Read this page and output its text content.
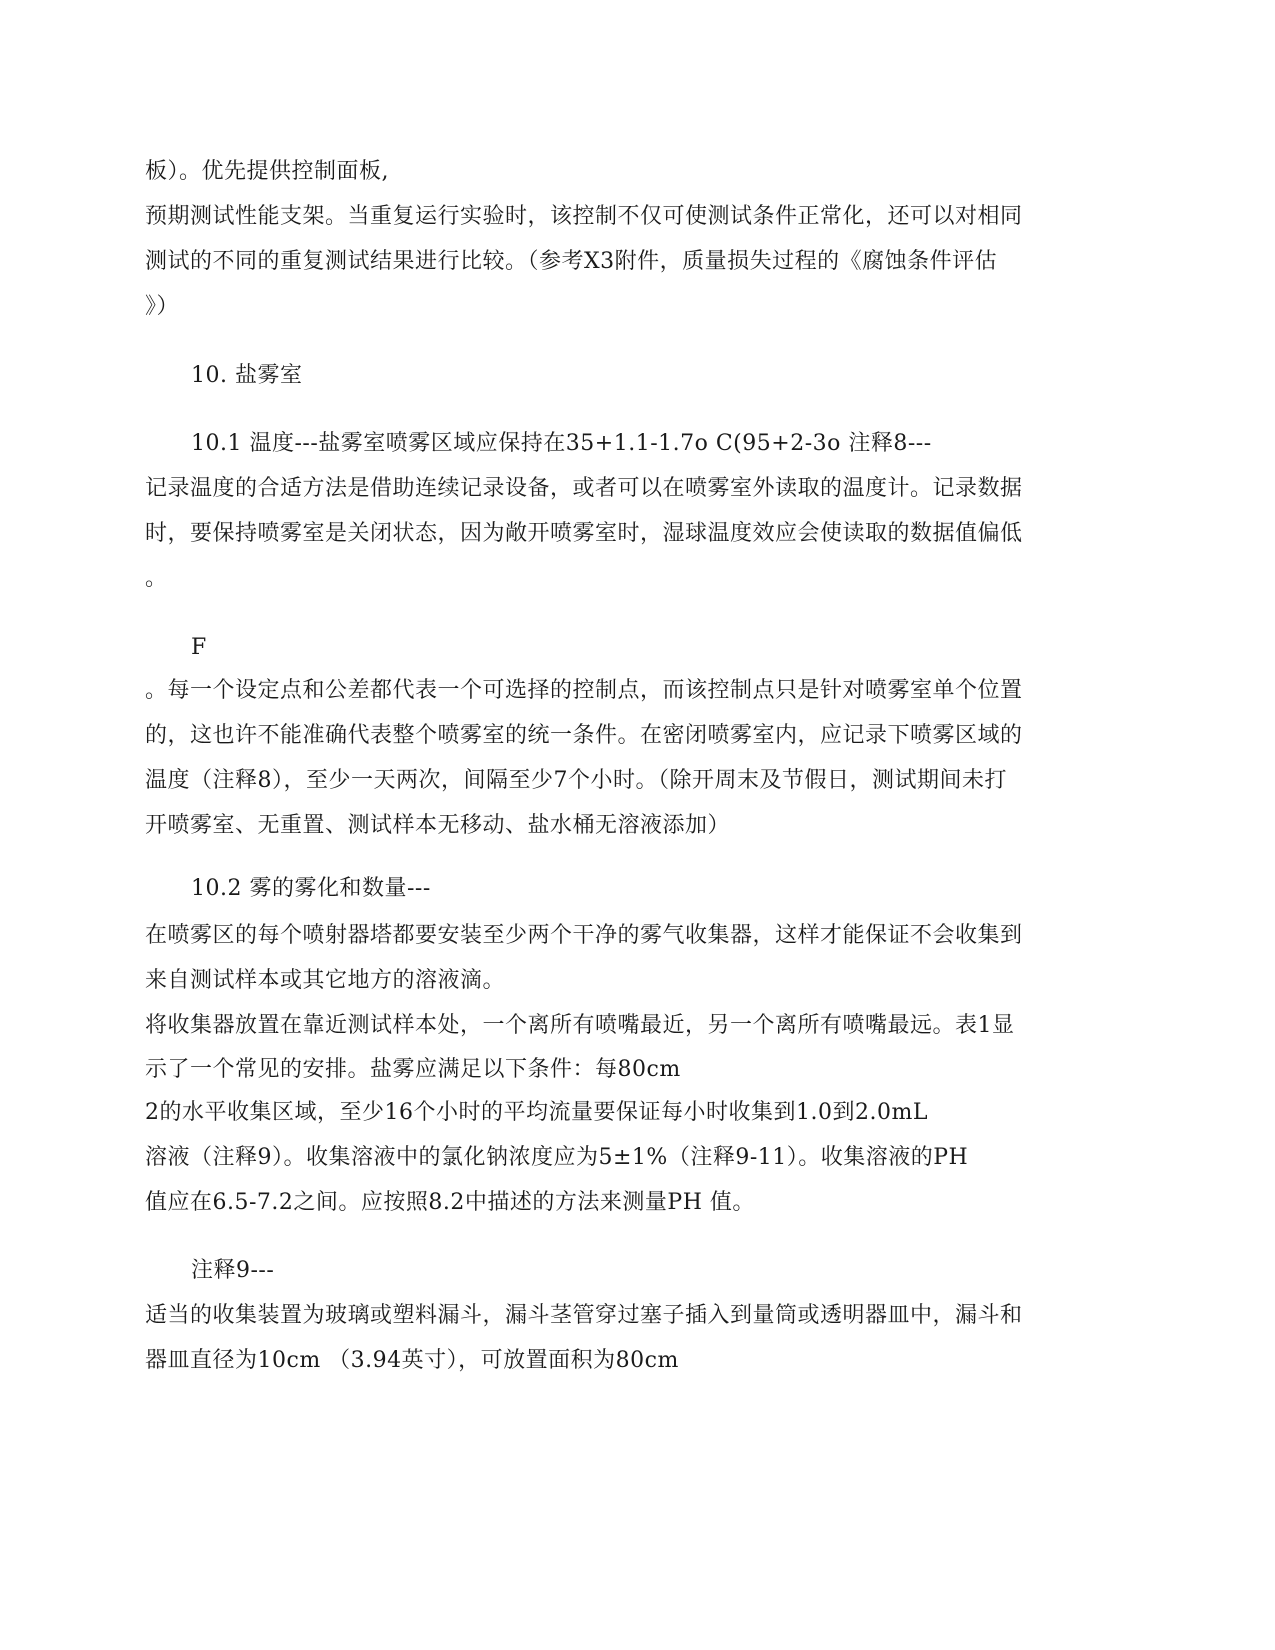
板）。优先提供控制面板,
预期测试性能支架。当重复运行实验时，该控制不仅可使测试条件正常化，还可以对相同
测试的不同的重复测试结果进行比较。（参考X3附件，质量损失过程的《腐蚀条件评估
》）
10. 盐雾室
10.1 温度---盐雾室喷雾区域应保持在35+1.1-1.7o C(95+2-3o 注释8---
记录温度的合适方法是借助连续记录设备，或者可以在喷雾室外读取的温度计。记录数据
时，要保持喷雾室是关闭状态，因为敞开喷雾室时，湿球温度效应会使读取的数据值偏低
。
F
。每一个设定点和公差都代表一个可选择的控制点，而该控制点只是针对喷雾室单个位置
的，这也许不能准确代表整个喷雾室的统一条件。在密闭喷雾室内，应记录下喷雾区域的
温度（注释8），至少一天两次，间隔至少7个小时。（除开周末及节假日，测试期间未打
开喷雾室、无重置、测试样本无移动、盐水桶无溶液添加）
10.2 雾的雾化和数量---
在喷雾区的每个喷射器塔都要安装至少两个干净的雾气收集器，这样才能保证不会收集到
来自测试样本或其它地方的溶液滴。
将收集器放置在靠近测试样本处，一个离所有喷嘴最近，另一个离所有喷嘴最远。表1显
示了一个常见的安排。盐雾应满足以下条件：每80cm
2的水平收集区域，至少16个小时的平均流量要保证每小时收集到1.0到2.0mL
溶液（注释9）。收集溶液中的氯化钠浓度应为5±1%（注释9-11）。收集溶液的PH
值应在6.5-7.2之间。应按照8.2中描述的方法来测量PH 值。
注释9---
适当的收集装置为玻璃或塑料漏斗，漏斗茎管穿过塞子插入到量筒或透明器皿中，漏斗和
器皿直径为10cm （3.94英寸），可放置面积为80cm
